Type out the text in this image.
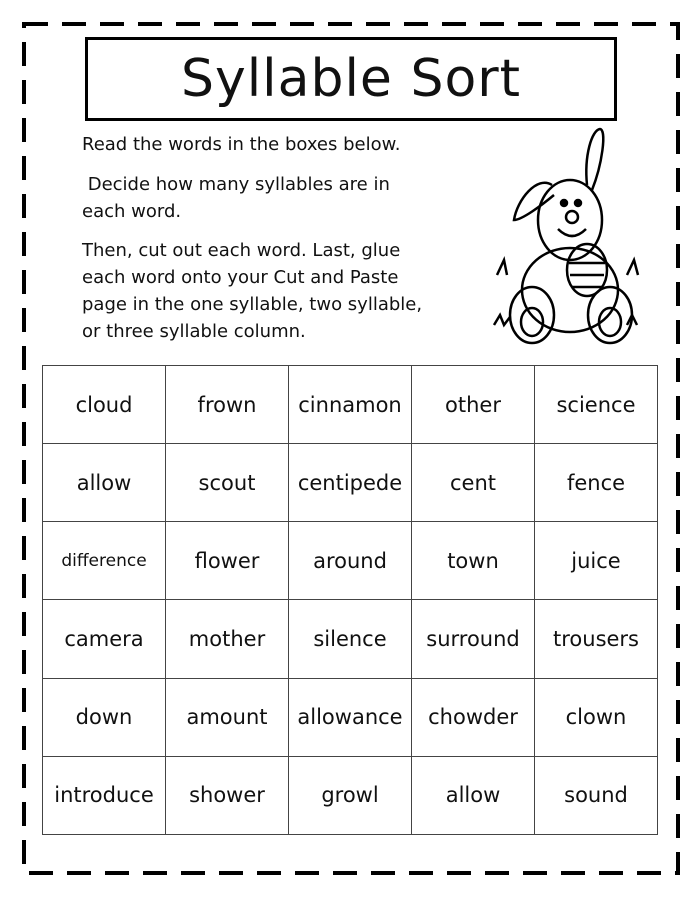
Syllable Sort
Read the words in the boxes below.
Decide how many syllables are in
each word.
Then, cut out each word. Last, glue
each word onto your Cut and Paste
page in the one syllable, two syllable,
or three syllable column.
cloud	frown	cinnamon	other	science
allow	scout	centipede	cent	fence
difference	flower	around	town	juice
camera	mother	silence	surround	trousers
down	amount	allowance	chowder	clown
introduce	shower	growl	allow	sound
